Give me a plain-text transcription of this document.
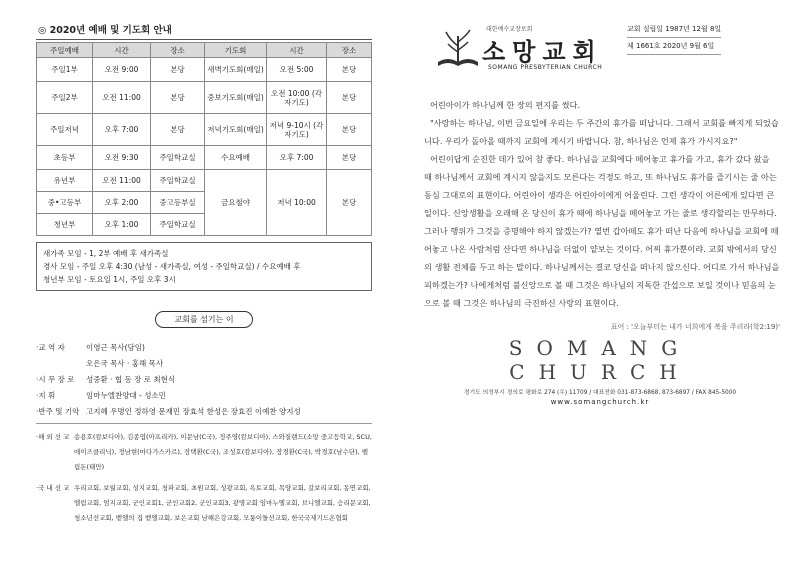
◎ 2020년 예배 및 기도회 안내
주일예배	시간	장소	기도회	시간	장소
주일1부	오전 9:00	본당	새벽기도회(매일)	오전 5:00	본당
주일2부	오전 11:00	본당	중보기도회(매일)	오전 10:00 (각자기도)	본당
주일저녁	오후 7:00	본당	저녁기도회(매일)	저녁 9-10시 (각자기도)	본당
초등부	오전 9:30	주일학교실	수요예배	오후 7:00	본당
유년부	오전 11:00	주일학교실	금요철야	저녁 10:00	본당
중•고등부	오후 2:00	중고등부실			
청년부	오후 1:00	주일학교실			
새가족 모임 - 1, 2부 예배 후 새가족실
경사 모임 - 주일 오후 4:30 (남성 - 새가족실, 여성 - 주일학교실) / 수요예배 후
청년부 모임 - 토요일 1시, 주일 오후 3시
교회를 섬기는 이
·교 역 자	이영근 목사(담임)
오은국 목사 · 홍해 목사
·시 무 장 로	성중환 · 협 동 장 로 최현식
·지 휘	임마누엘찬양대 - 성소민
·반주 및 기악 고지혜 우명인 정하영 문재민 장효석 한성은 장효진 이예찬 양지성
·해 외 선 교 송용호(캄보디아), 김종엽(아프리카), 이문남(C국), 정주영(캄보디아), 스와질랜드(소망 중고등학교, SCU, 에이즈클리닉), 정남현(마다가스카르), 장택환(C국), 조성호(캄보디아), 장경환(C국), 박경호(남수단), 펠림돈(태만)
·국 내 선 교 우리교회, 보월교회, 성지교회, 청파교회, 초원교회, 성광교회, 옥토교회, 목양교회, 갈보리교회, 동연교회, 엘림교회, 엄지교회, 군인교회1, 군인교회2, 군인교회3, 광명교회 임마누엘교회, 브니엘교회, 승리문교회, 청소년선교회, 벧엘의 집 벧엘교회, 보은교회 남해은강교회, 모퉁이돌선교회, 한국국제기드온협회
대한예수교장로회
소망교회
SOMANG PRESBYTERIAN CHURCH
교회 설립일 1987년 12월 8일
제 1661호 2020년 9월 6일

어린아이가 하나님께 한 장의 편지를 썼다.

"사랑하는 하나님, 이번 금요일에 우리는 두 주간의 휴가를 떠납니다. 그래서 교회를 빠지게 되었습니다. 우리가 돌아올 때까지 교회에 계시기 바랍니다. 참, 하나님은 언제 휴가 가시지요?"

어린이답게 순진한 데가 있어 참 좋다. 하나님을 교회에다 떼어놓고 휴가를 가고, 휴가 갔다 왔을 때 하나님께서 교회에 계시지 않을지도 모른다는 걱정도 하고, 또 하나님도 휴가를 즐기시는 줄 아는 동심 그대로의 표현이다. 어린아이 생각은 어린아이에게 어울린다. 그런 생각이 어른에게 있다면 큰일이다. 신앙생활을 오래해 온 당신이 휴가 때에 하나님을 떼어놓고 가는 줄로 생각할리는 만무하다. 그러나 행위가 그것을 증명해야 하지 않겠는가? 열번 갑아떼도 휴가 떠난 다음에 하나님을 교회에 떼어놓고 나온 사람처럼 산다면 하나님을 더없이 얕보는 것이다. 어찌 휴가뿐이랴. 교회 밖에서의 당신의 생활 전체를 두고 하는 말이다. 하나님께서는 결코 당신을 떠나지 않으신다. 어디로 가서 하나님을 피하겠는가? 나에게처럼 불신앙으로 볼 때 그것은 하나님의 지독한 간섭으로 보일 것이나 믿음의 눈으로 볼 때 그것은 하나님의 극진하신 사랑의 표현이다.

표어 : '오늘부터는 내가 너희에게 복을 주리라(학2:19)'
SOMANG CHURCH
경기도 의정부시 경의로 평화로 274 (우) 11709 / 대표전화 031-873-6868, 873-6897 / FAX 845-5000
www.somangchurch.kr
